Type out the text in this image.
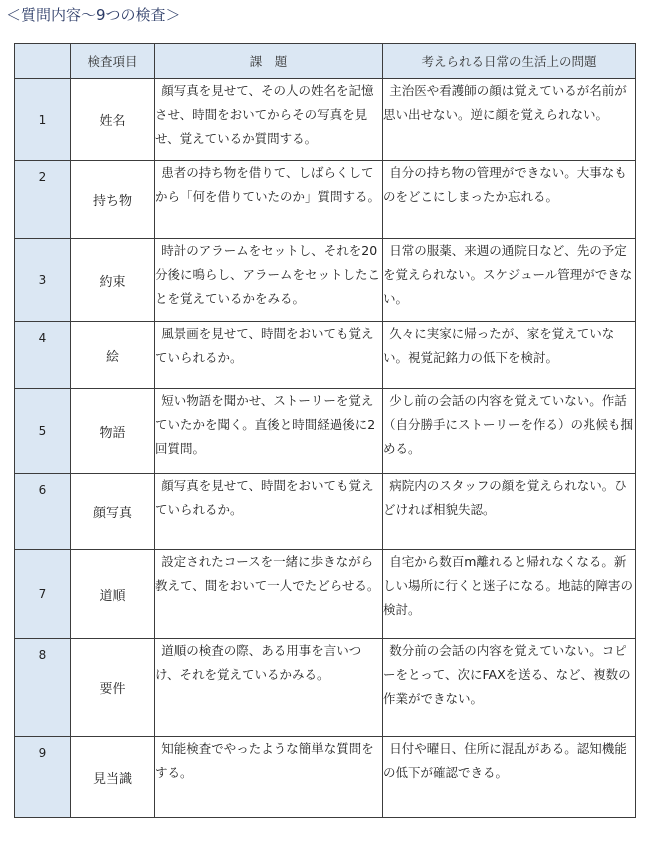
＜質問内容～9つの検査＞
	検査項目	課　題	考えられる日常の生活上の問題
1	姓名	顔写真を見せて、その人の姓名を記憶させ、時間をおいてからその写真を見せ、覚えているか質問する。	主治医や看護師の顔は覚えているが名前が思い出せない。逆に顔を覚えられない。
2	持ち物	患者の持ち物を借りて、しばらくしてから「何を借りていたのか」質問する。	自分の持ち物の管理ができない。大事なものをどこにしまったか忘れる。
3	約束	時計のアラームをセットし、それを20分後に鳴らし、アラームをセットしたことを覚えているかをみる。	日常の服薬、来週の通院日など、先の予定を覚えられない。スケジュール管理ができない。
4	絵	風景画を見せて、時間をおいても覚えていられるか。	久々に実家に帰ったが、家を覚えていない。視覚記銘力の低下を検討。
5	物語	短い物語を聞かせ、ストーリーを覚えていたかを聞く。直後と時間経過後に2回質問。	少し前の会話の内容を覚えていない。作話（自分勝手にストーリーを作る）の兆候も掴める。
6	顔写真	顔写真を見せて、時間をおいても覚えていられるか。	病院内のスタッフの顔を覚えられない。ひどければ相貌失認。
7	道順	設定されたコースを一緒に歩きながら教えて、間をおいて一人でたどらせる。	自宅から数百m離れると帰れなくなる。新しい場所に行くと迷子になる。地誌的障害の検討。
8	要件	道順の検査の際、ある用事を言いつけ、それを覚えているかみる。	数分前の会話の内容を覚えていない。コピーをとって、次にFAXを送る、など、複数の作業ができない。
9	見当識	知能検査でやったような簡単な質問をする。	日付や曜日、住所に混乱がある。認知機能の低下が確認できる。
